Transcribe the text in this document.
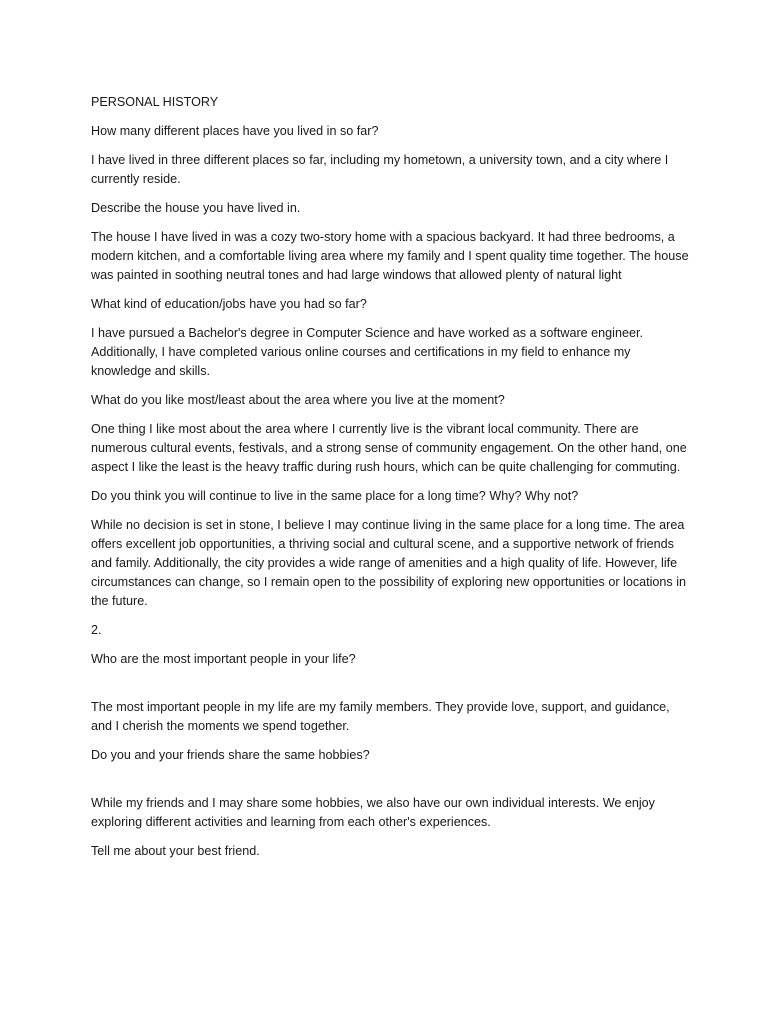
PERSONAL HISTORY

How many different places have you lived in so far?

I have lived in three different places so far, including my hometown, a university town, and a city where I currently reside.

Describe the house you have lived in.

The house I have lived in was a cozy two-story home with a spacious backyard. It had three bedrooms, a modern kitchen, and a comfortable living area where my family and I spent quality time together. The house was painted in soothing neutral tones and had large windows that allowed plenty of natural light

What kind of education/jobs have you had so far?

I have pursued a Bachelor's degree in Computer Science and have worked as a software engineer. Additionally, I have completed various online courses and certifications in my field to enhance my knowledge and skills.

What do you like most/least about the area where you live at the moment?

One thing I like most about the area where I currently live is the vibrant local community. There are numerous cultural events, festivals, and a strong sense of community engagement. On the other hand, one aspect I like the least is the heavy traffic during rush hours, which can be quite challenging for commuting.

Do you think you will continue to live in the same place for a long time? Why? Why not?

While no decision is set in stone, I believe I may continue living in the same place for a long time. The area offers excellent job opportunities, a thriving social and cultural scene, and a supportive network of friends and family. Additionally, the city provides a wide range of amenities and a high quality of life. However, life circumstances can change, so I remain open to the possibility of exploring new opportunities or locations in the future.

2.

Who are the most important people in your life?

The most important people in my life are my family members. They provide love, support, and guidance, and I cherish the moments we spend together.

Do you and your friends share the same hobbies?

While my friends and I may share some hobbies, we also have our own individual interests. We enjoy exploring different activities and learning from each other's experiences.

Tell me about your best friend.
